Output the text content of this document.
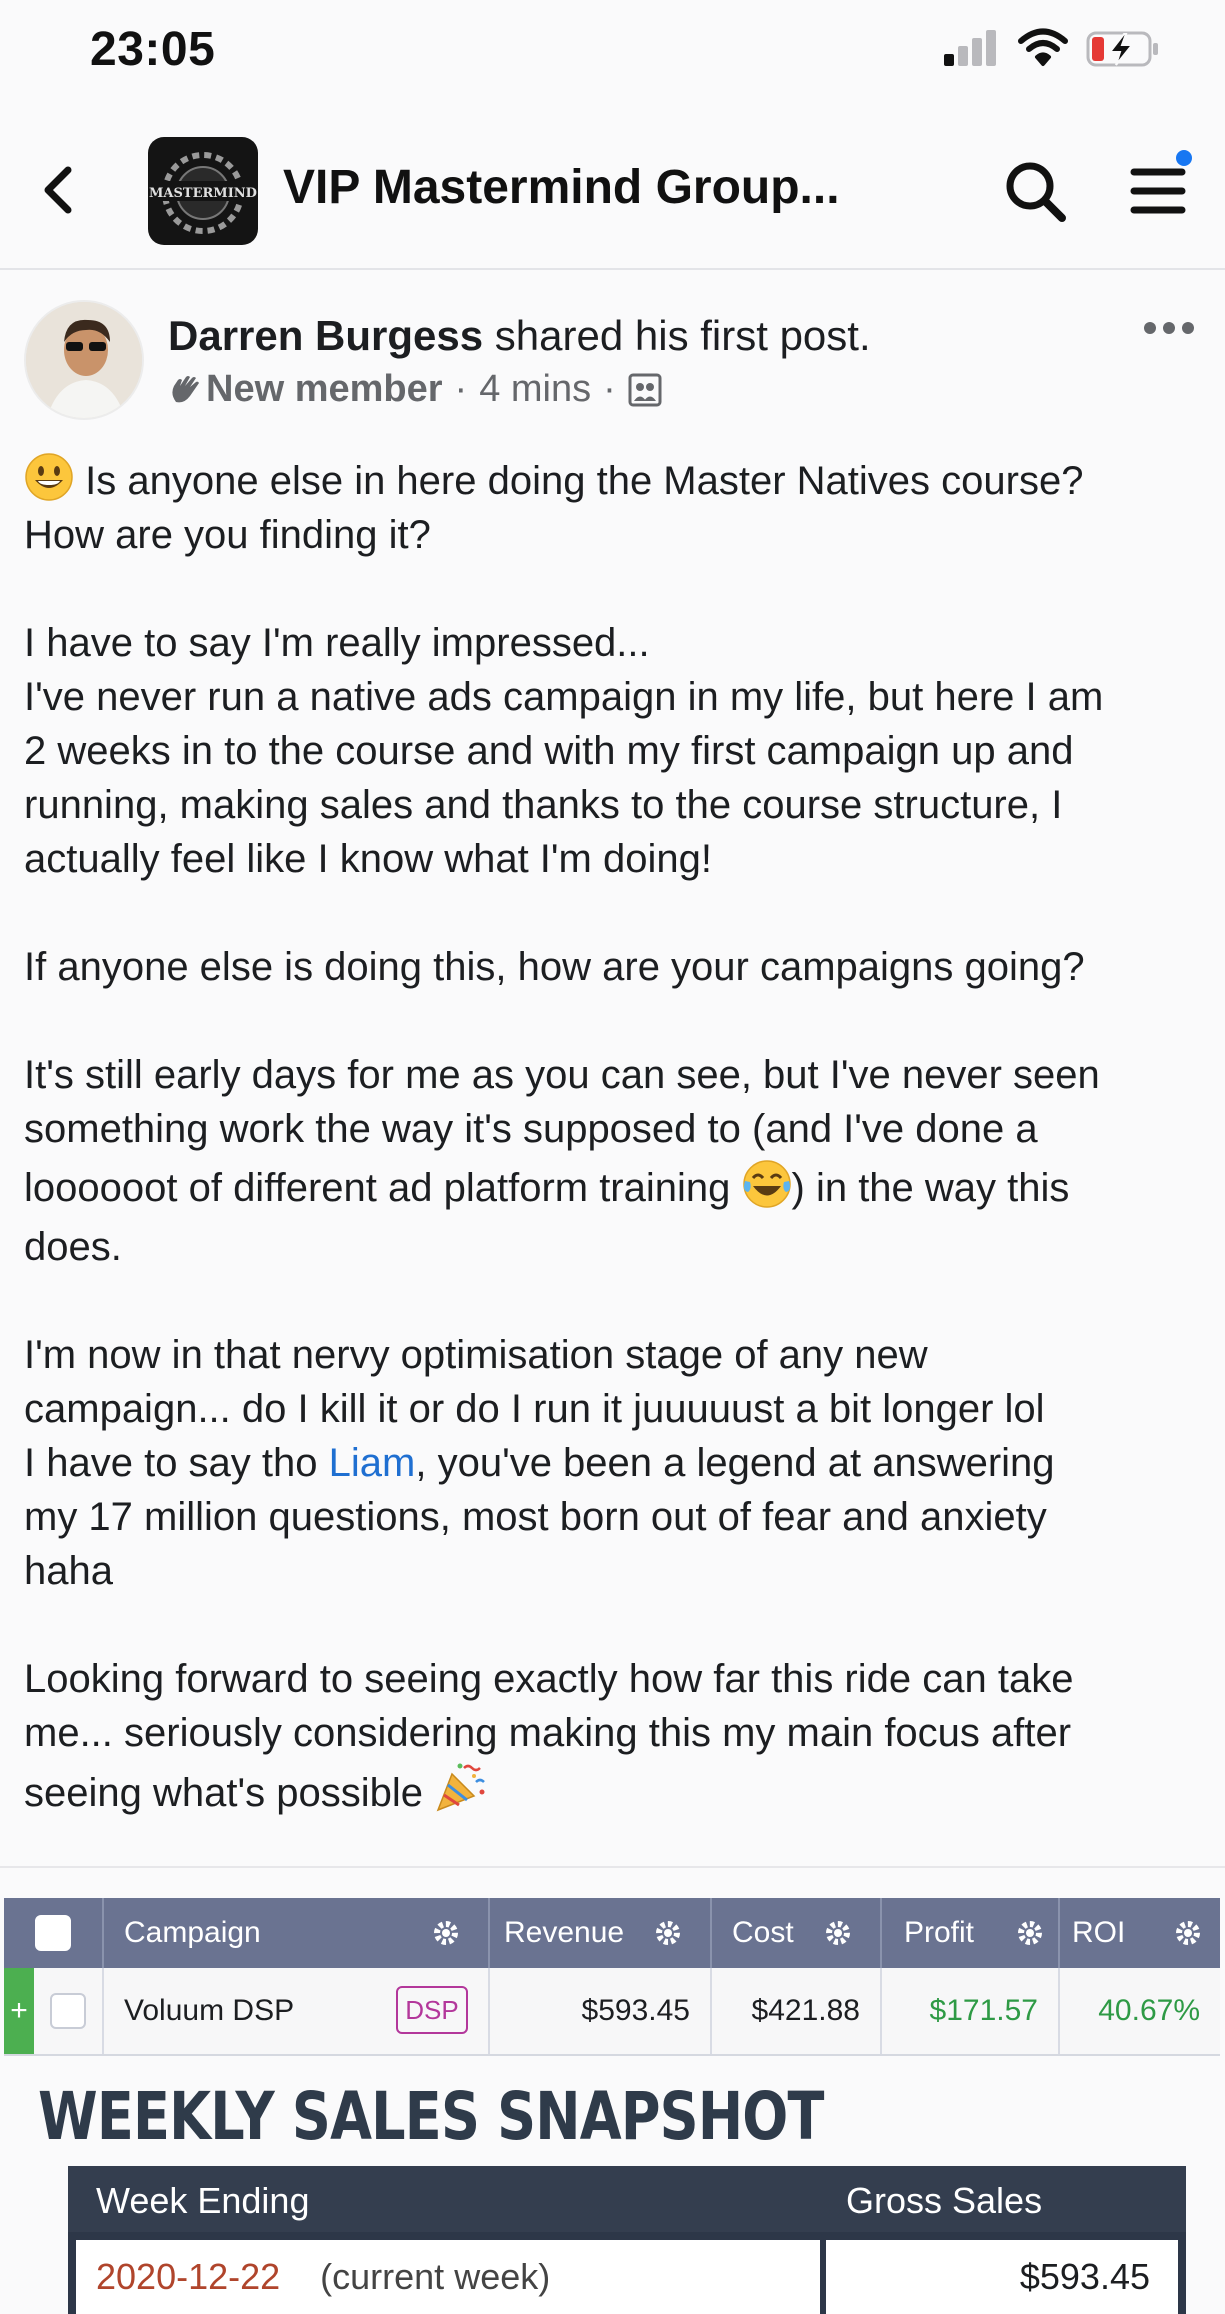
23:05
MASTERMIND VIP Mastermind Group...
Darren Burgess shared his first post.
New member · 4 mins ·

Is anyone else in here doing the Master Natives course?

How are you finding it?

I have to say I'm really impressed...

I've never run a native ads campaign in my life, but here I am

2 weeks in to the course and with my first campaign up and

running, making sales and thanks to the course structure, I

actually feel like I know what I'm doing!

If anyone else is doing this, how are your campaigns going?

It's still early days for me as you can see, but I've never seen

something work the way it's supposed to (and I've done a

loooooot of different ad platform training ) in the way this

does.

I'm now in that nervy optimisation stage of any new

campaign... do I kill it or do I run it juuuuust a bit longer lol

I have to say tho Liam, you've been a legend at answering

my 17 million questions, most born out of fear and anxiety

haha

Looking forward to seeing exactly how far this ride can take

me... seriously considering making this my main focus after

seeing what's possible

Campaign	Revenue	Cost	Profit	ROI
+	Voluum DSP	DSP	$593.45 $421.88 $171.57 40.67%
WEEKLY SALES SNAPSHOT
Week Ending	Gross Sales
2020-12-22 (current week)	$593.45
